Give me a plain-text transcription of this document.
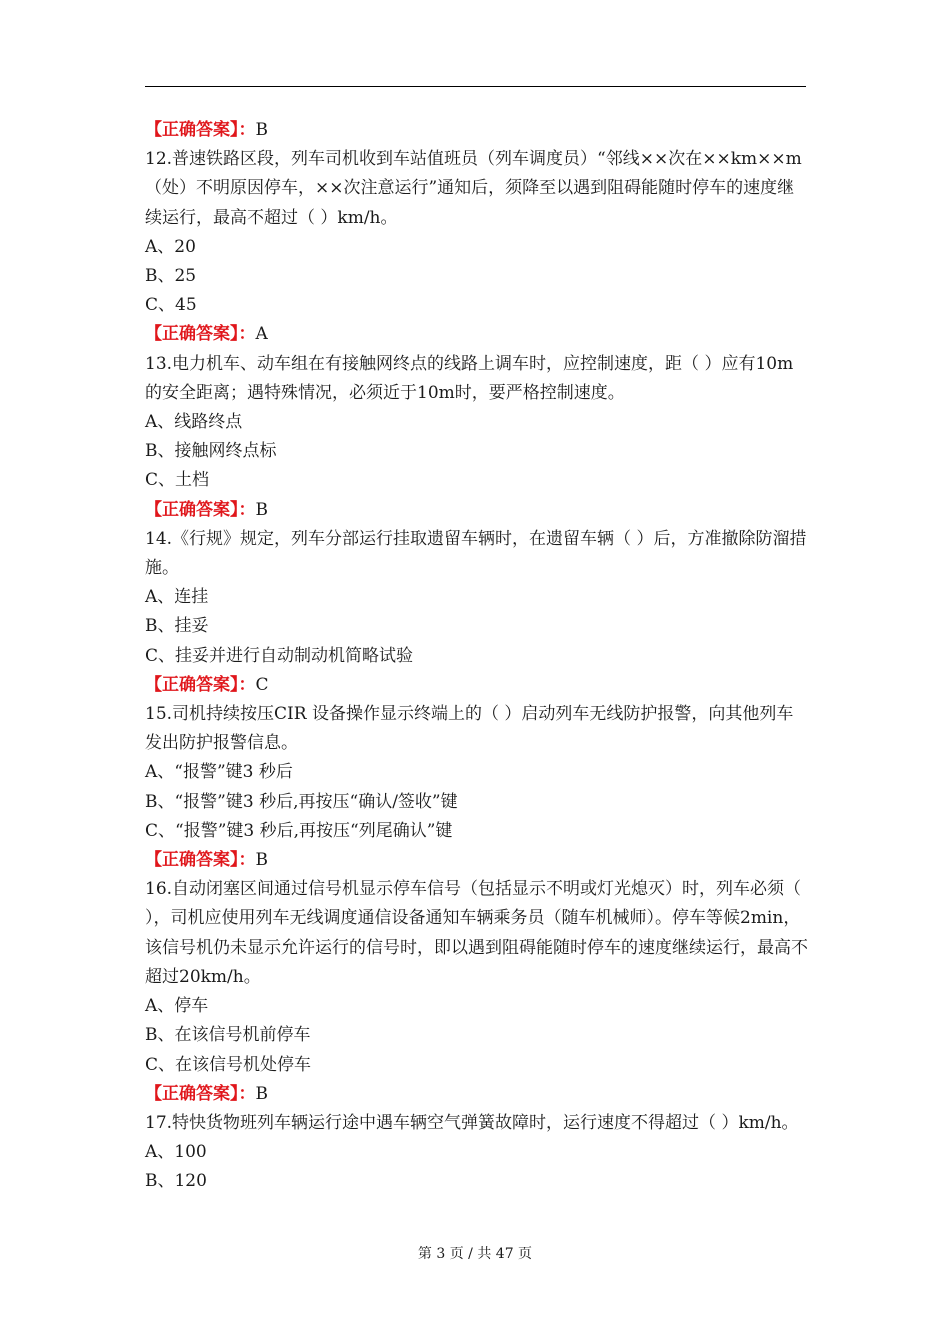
【正确答案】：B
12.普速铁路区段，列车司机收到车站值班员（列车调度员）“邻线××次在××km××m（处）不明原因停车，××次注意运行”通知后，须降至以遇到阻碍能随时停车的速度继续运行，最高不超过（ ）km/h。
A、20
B、25
C、45
【正确答案】：A
13.电力机车、动车组在有接触网终点的线路上调车时，应控制速度，距（ ）应有10m的安全距离；遇特殊情况，必须近于10m时，要严格控制速度。
A、线路终点
B、接触网终点标
C、土档
【正确答案】：B
14.《行规》规定，列车分部运行挂取遗留车辆时，在遗留车辆（ ）后，方准撤除防溜措施。
A、连挂
B、挂妥
C、挂妥并进行自动制动机简略试验
【正确答案】：C
15.司机持续按压CIR 设备操作显示终端上的（ ）启动列车无线防护报警，向其他列车发出防护报警信息。
A、“报警”键3 秒后
B、“报警”键3 秒后,再按压“确认/签收”键
C、“报警”键3 秒后,再按压“列尾确认”键
【正确答案】：B
16.自动闭塞区间通过信号机显示停车信号（包括显示不明或灯光熄灭）时，列车必须（ ），司机应使用列车无线调度通信设备通知车辆乘务员（随车机械师）。停车等候2min，该信号机仍未显示允许运行的信号时，即以遇到阻碍能随时停车的速度继续运行，最高不超过20km/h。
A、停车
B、在该信号机前停车
C、在该信号机处停车
【正确答案】：B
17.特快货物班列车辆运行途中遇车辆空气弹簧故障时，运行速度不得超过（ ）km/h。
A、100
B、120
第 3 页 / 共 47 页
